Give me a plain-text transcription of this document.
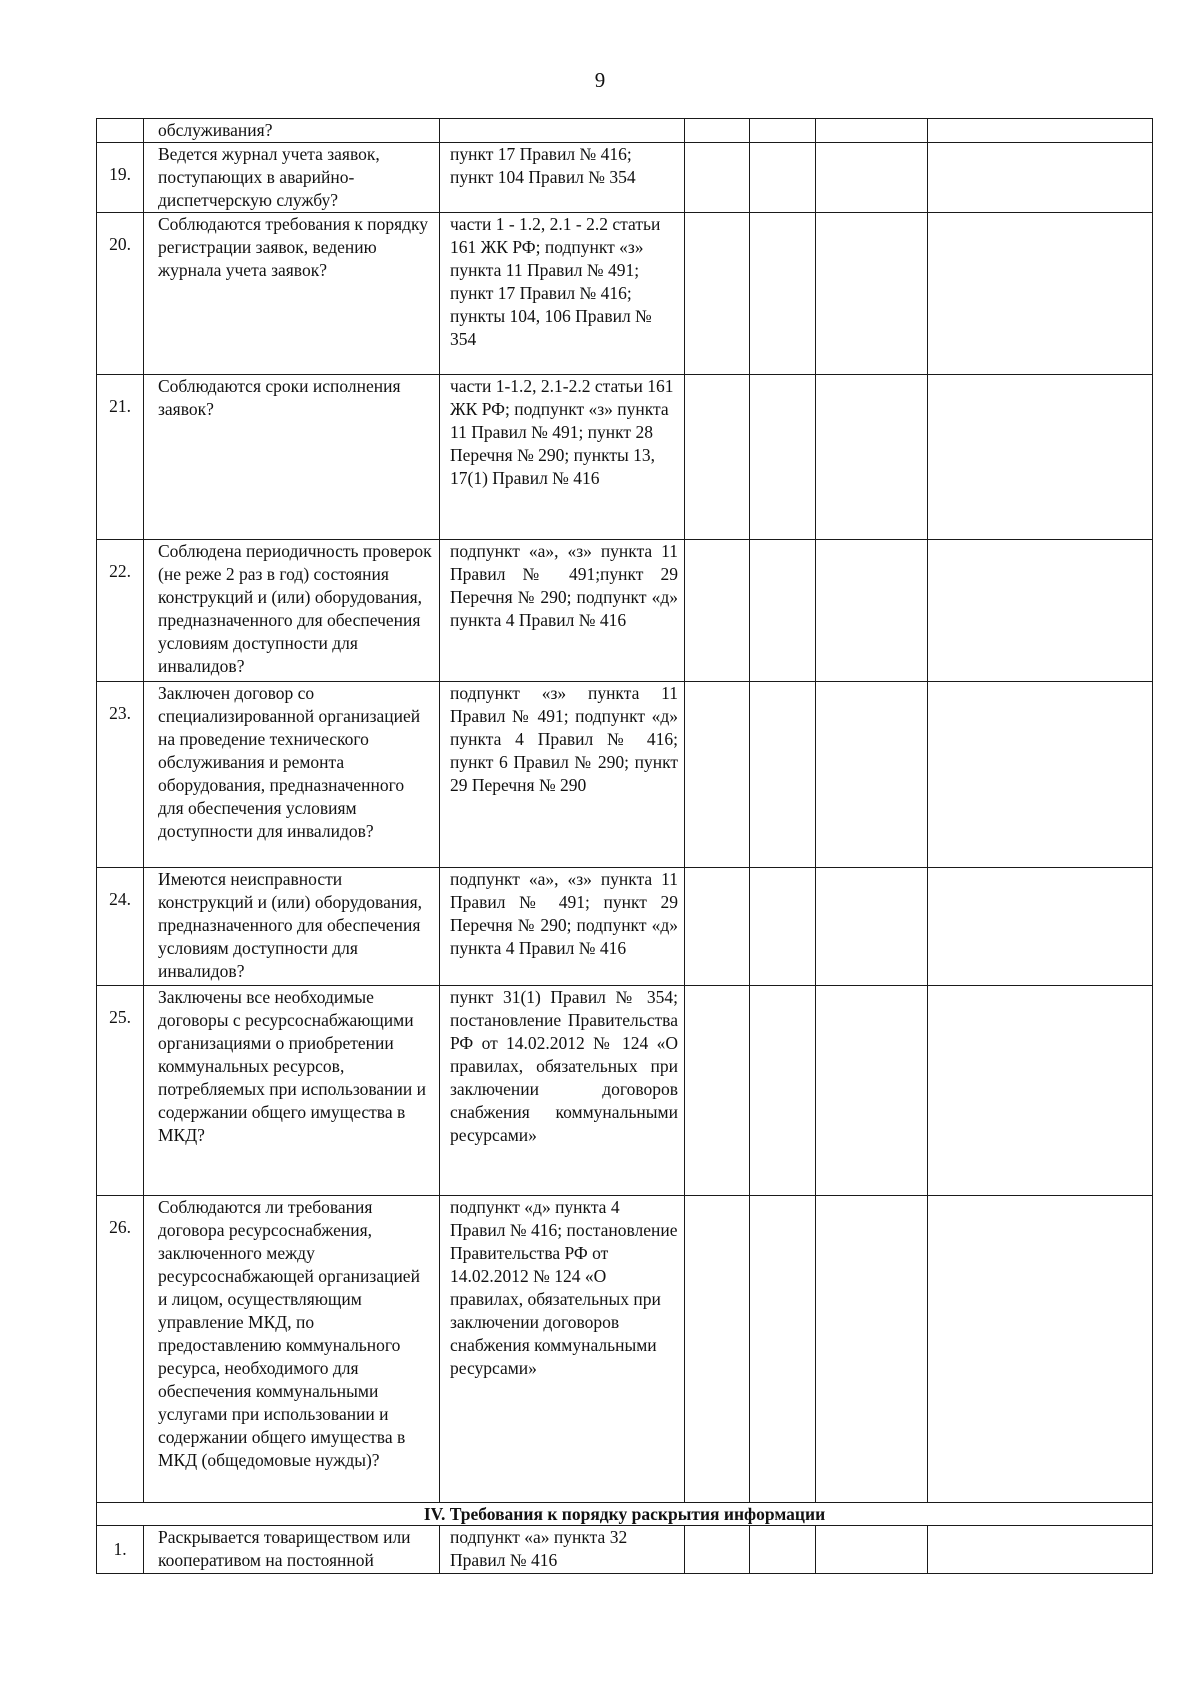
9
	обслуживания?					
19.	Ведется журнал учета заявок, поступающих в аварийно-диспетчерскую службу?	пункт 17 Правил № 416; пункт 104 Правил № 354				
20.	Соблюдаются требования к порядку регистрации заявок, ведению журнала учета заявок?	части 1 - 1.2, 2.1 - 2.2 статьи 161 ЖК РФ; подпункт «з» пункта 11 Правил № 491; пункт 17 Правил № 416; пункты 104, 106 Правил № 354				
21.	Соблюдаются сроки исполнения заявок?	части 1-1.2, 2.1-2.2 статьи 161 ЖК РФ; подпункт «з» пункта 11 Правил № 491; пункт 28 Перечня № 290; пункты 13, 17(1) Правил № 416				
22.	Соблюдена периодичность проверок (не реже 2 раз в год) состояния конструкций и (или) оборудования, предназначенного для обеспечения условиям доступности для инвалидов?	подпункт «а», «з» пункта 11 Правил № 491;пункт 29 Перечня № 290; подпункт «д» пункта 4 Правил № 416				
23.	Заключен договор со специализированной организацией на проведение технического обслуживания и ремонта оборудования, предназначенного для обеспечения условиям доступности для инвалидов?	подпункт «з» пункта 11 Правил № 491; подпункт «д» пункта 4 Правил № 416; пункт 6 Правил № 290; пункт 29 Перечня № 290				
24.	Имеются неисправности конструкций и (или) оборудования, предназначенного для обеспечения условиям доступности для инвалидов?	подпункт «а», «з» пункта 11 Правил № 491; пункт 29 Перечня № 290; подпункт «д» пункта 4 Правил № 416				
25.	Заключены все необходимые договоры с ресурсоснабжающими организациями о приобретении коммунальных ресурсов, потребляемых при использовании и содержании общего имущества в МКД?	пункт 31(1) Правил № 354; постановление Правительства РФ от 14.02.2012 № 124 «О правилах, обязательных при заключении договоров снабжения коммунальными ресурсами»				
26.	Соблюдаются ли требования договора ресурсоснабжения, заключенного между ресурсоснабжающей организацией и лицом, осуществляющим управление МКД, по предоставлению коммунального ресурса, необходимого для обеспечения коммунальными услугами при использовании и содержании общего имущества в МКД (общедомовые нужды)?	подпункт «д» пункта 4 Правил № 416; постановление Правительства РФ от 14.02.2012 № 124 «О правилах, обязательных при заключении договоров снабжения коммунальными ресурсами»				
IV. Требования к порядку раскрытия информации						
1.	Раскрывается товариществом или кооперативом на постоянной	подпункт «а» пункта 32 Правил № 416				
